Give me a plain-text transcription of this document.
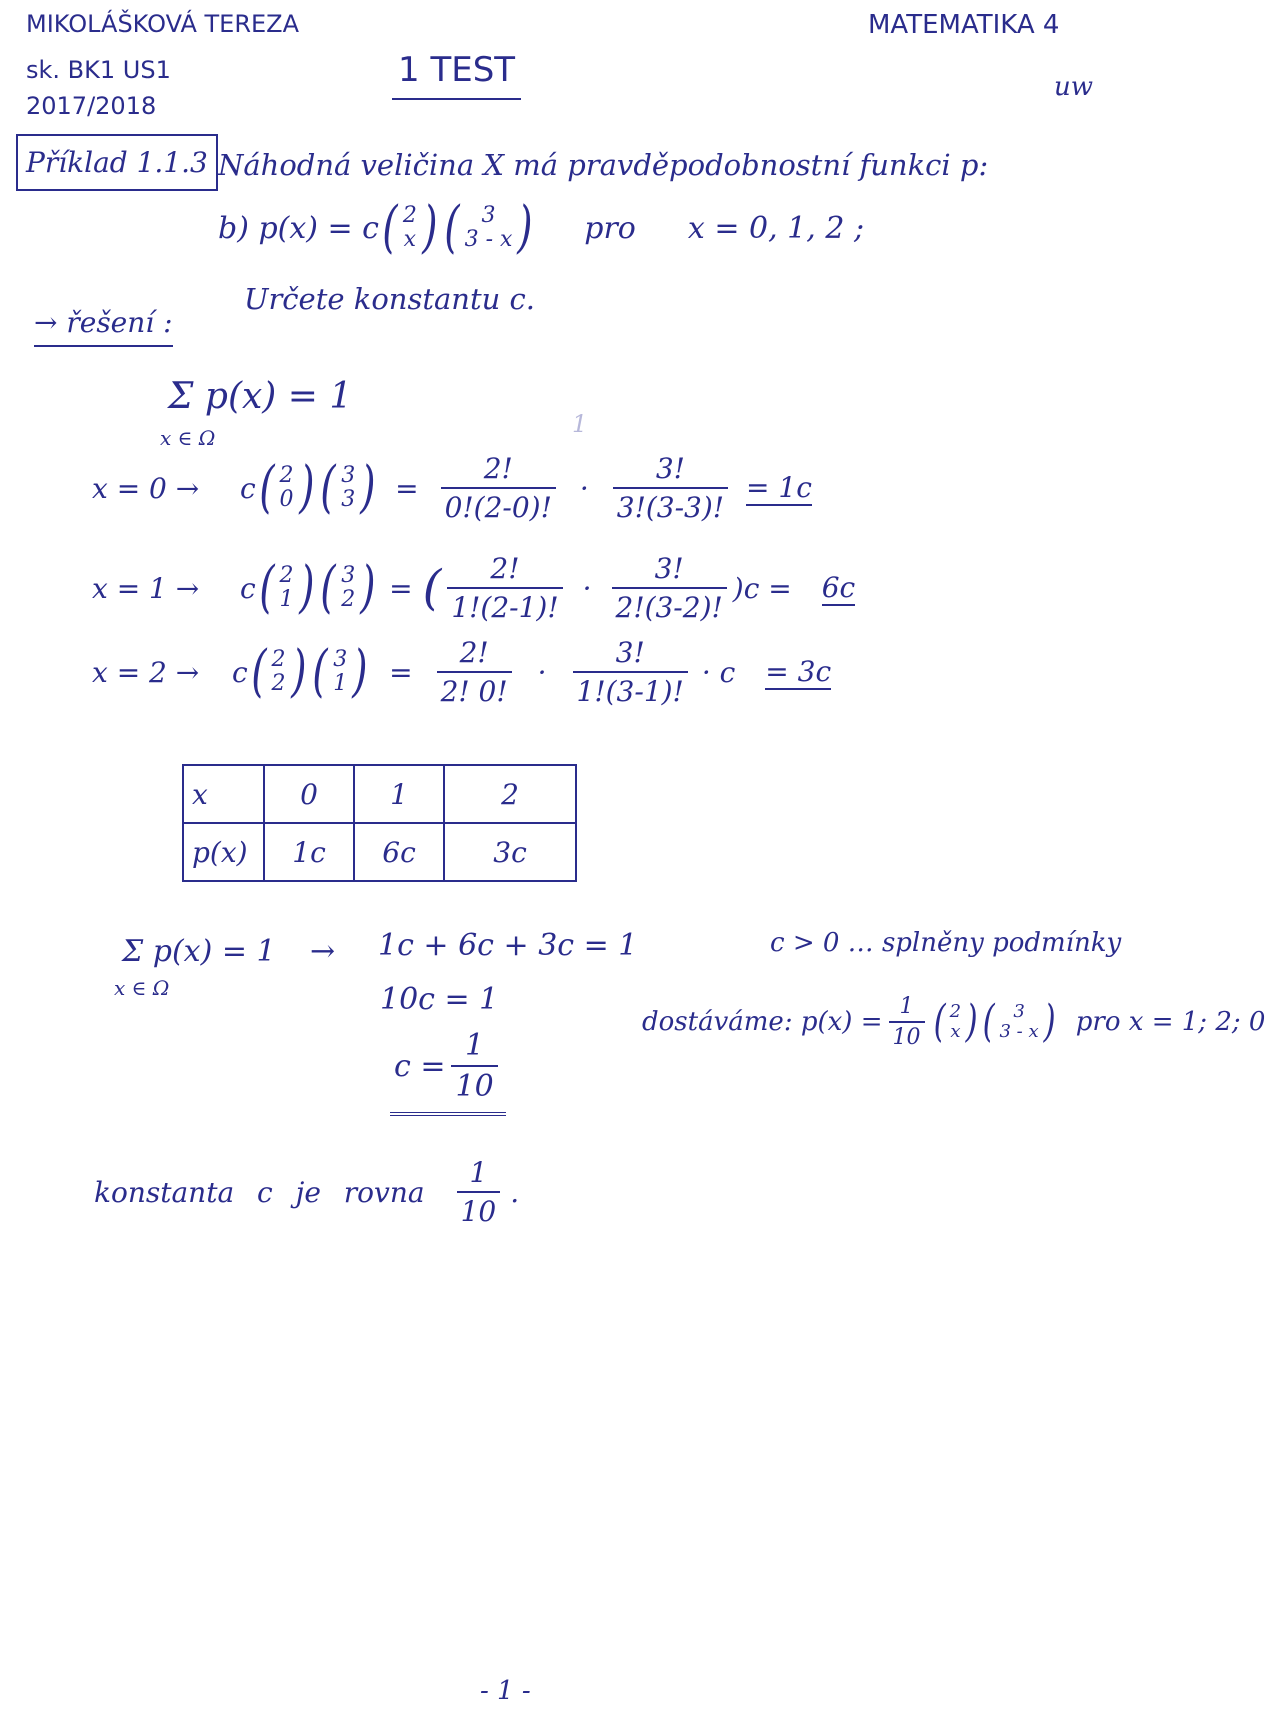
MIKOLÁŠKOVÁ TEREZA
sk. BK1 US1
2017/2018
1 TEST
MATEMATIKA 4
uw
Příklad 1.1.3 Náhodná veličina X má pravděpodobnostní funkci p:
b) p(x) = c ( 2
x ) ( 3
3 - x ) pro x = 0, 1, 2 ;
Určete konstantu c.
→ řešení :
Σ p(x) = 1
x ∈ Ω	1
x = 0 →	c ( 2
0 ) ( 3
3 ) = $\frac{2!}{0!(2-0)!} \cdot \frac{3!}{3!(3-3)!} = 1c$
x = 1 →	c ( 2
1 ) ( 3
2 ) = ( $\frac{2!}{1!(2-1)!} \cdot \frac{3!}{2!(3-2)!} )c = 6c$
x = 2 →	c ( 2
2 ) ( 3
1 ) = $\frac{2!}{2! 0!} \cdot \frac{3!}{1!(3-1)!} \cdot c = 3c$
x	0	1	2
p(x)	1c	6c	3c
Σ p(x) = 1
x ∈ Ω
→ 1c + 6c + 3c = 1
10c = 1
$c = \frac{1}{10}$
c > 0 … splněny podmínky
dostáváme: $p(x) = \frac{1}{10}$ ( 2
x ) ( 3
3 - x ) pro x = 1; 2; 0
konstanta c je rovna $\frac{1}{10}$ .
- 1 -
